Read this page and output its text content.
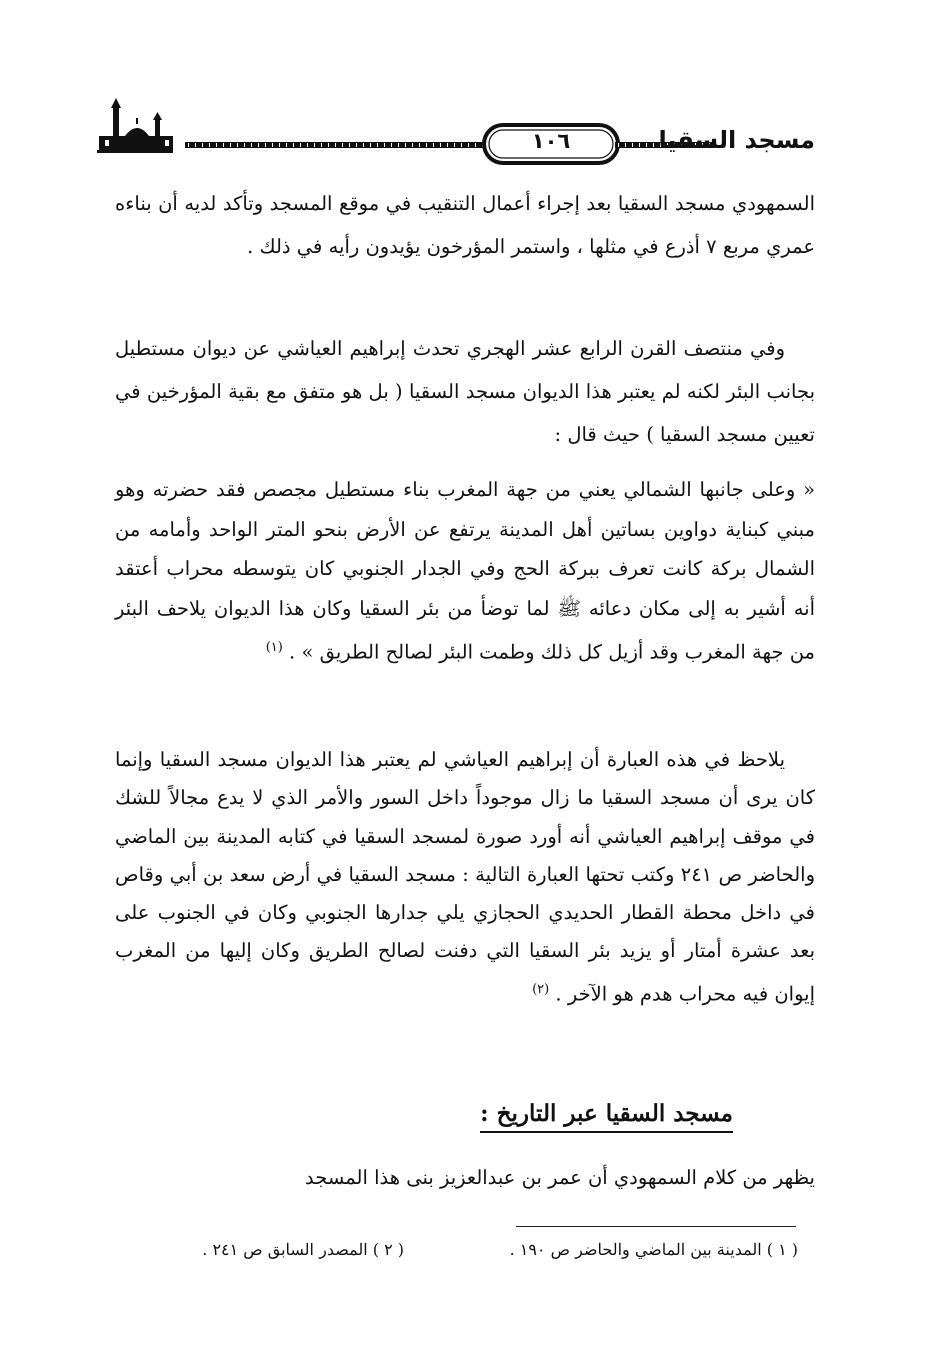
١٠٦	مسجد السقيا
السمهودي مسجد السقيا بعد إجراء أعمال التنقيب في موقع المسجد وتأكد لديه أن بناءه عمري مربع ٧ أذرع في مثلها ، واستمر المؤرخون يؤيدون رأيه في ذلك .
وفي منتصف القرن الرابع عشر الهجري تحدث إبراهيم العياشي عن ديوان مستطيل بجانب البئر لكنه لم يعتبر هذا الديوان مسجد السقيا ( بل هو متفق مع بقية المؤرخين في تعيين مسجد السقيا ) حيث قال :
« وعلى جانبها الشمالي يعني من جهة المغرب بناء مستطيل مجصص فقد حضرته وهو مبني كبناية دواوين بساتين أهل المدينة يرتفع عن الأرض بنحو المتر الواحد وأمامه من الشمال بركة كانت تعرف ببركة الحج وفي الجدار الجنوبي كان يتوسطه محراب أعتقد أنه أشير به إلى مكان دعائه ﷺ لما توضأ من بئر السقيا وكان هذا الديوان يلاحف البئر من جهة المغرب وقد أزيل كل ذلك وطمت البئر لصالح الطريق » . $^{(١)}$
يلاحظ في هذه العبارة أن إبراهيم العياشي لم يعتبر هذا الديوان مسجد السقيا وإنما كان يرى أن مسجد السقيا ما زال موجوداً داخل السور والأمر الذي لا يدع مجالاً للشك في موقف إبراهيم العياشي أنه أورد صورة لمسجد السقيا في كتابه المدينة بين الماضي والحاضر ص ٢٤١ وكتب تحتها العبارة التالية : مسجد السقيا في أرض سعد بن أبي وقاص في داخل محطة القطار الحديدي الحجازي يلي جدارها الجنوبي وكان في الجنوب على بعد عشرة أمتار أو يزيد بئر السقيا التي دفنت لصالح الطريق وكان إليها من المغرب إيوان فيه محراب هدم هو الآخر . $^{(٢)}$
مسجد السقيا عبر التاريخ :
يظهر من كلام السمهودي أن عمر بن عبدالعزيز بنى هذا المسجد
( ١ ) المدينة بين الماضي والحاضر ص ١٩٠ .
( ٢ ) المصدر السابق ص ٢٤١ .
